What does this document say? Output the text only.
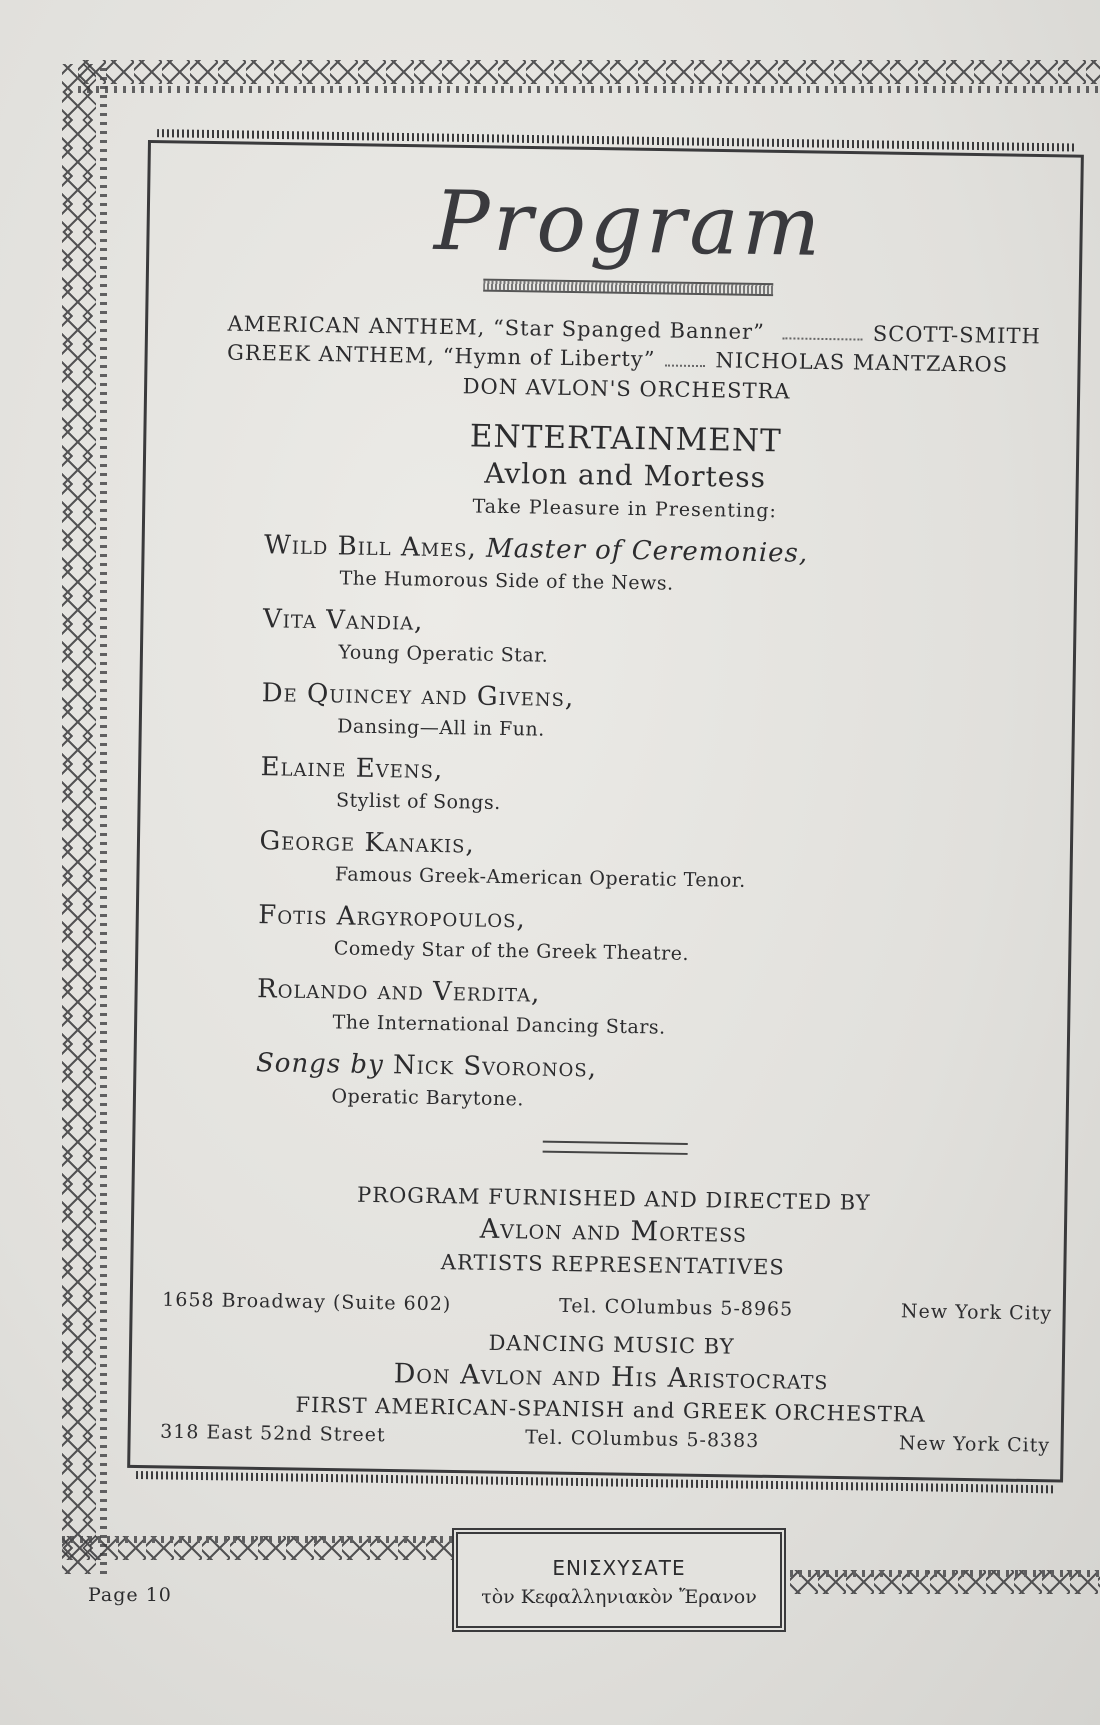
Program
AMERICAN ANTHEM, “Star Spanged Banner”	SCOTT-SMITH
GREEK ANTHEM, “Hymn of Liberty”	NICHOLAS MANTZAROS
DON AVLON'S ORCHESTRA
ENTERTAINMENT
Avlon and Mortess
Take Pleasure in Presenting:
Wild Bill Ames, Master of Ceremonies,
The Humorous Side of the News.
Vita Vandia,
Young Operatic Star.
De Quincey and Givens,
Dansing—All in Fun.
Elaine Evens,
Stylist of Songs.
George Kanakis,
Famous Greek-American Operatic Tenor.
Fotis Argyropoulos,
Comedy Star of the Greek Theatre.
Rolando and Verdita,
The International Dancing Stars.
Songs by Nick Svoronos,
Operatic Barytone.
PROGRAM FURNISHED AND DIRECTED BY
Avlon and Mortess
ARTISTS REPRESENTATIVES
1658 Broadway (Suite 602)	Tel. COlumbus 5-8965	New York City
DANCING MUSIC BY
Don Avlon and His Aristocrats
FIRST AMERICAN-SPANISH and GREEK ORCHESTRA
318 East 52nd Street	Tel. COlumbus 5-8383	New York City
Page 10
ΕΝΙΣΧΥΣΑΤΕ
τὸν Κεφαλληνιακὸν Ἔρανον
